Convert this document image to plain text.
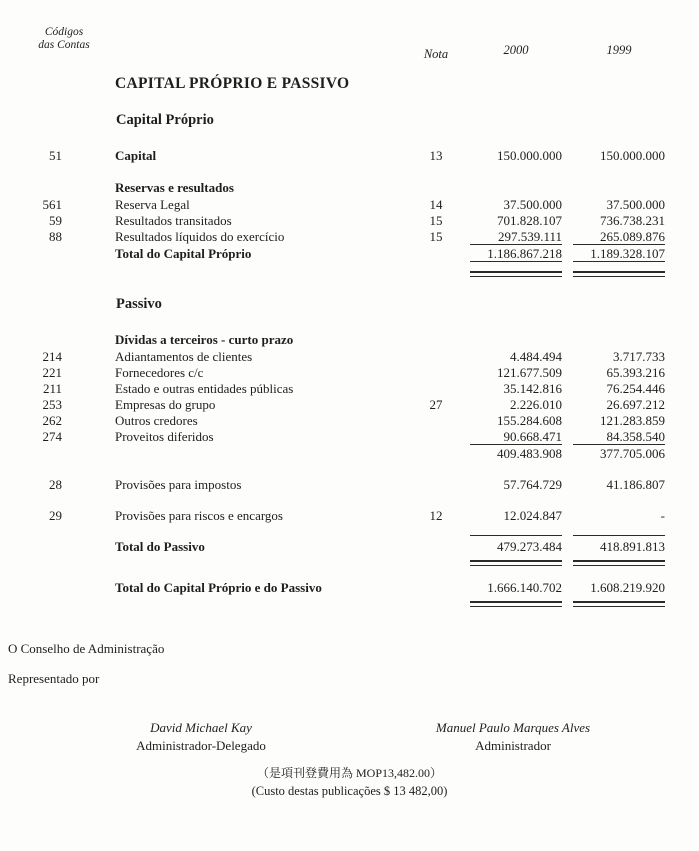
Códigos
das Contas
Nota	2000	1999
CAPITAL PRÓPRIO E PASSIVO
Capital Próprio
51	Capital	13	150.000.000	150.000.000
Reservas e resultados
561	Reserva Legal	14	37.500.000	37.500.000
59	Resultados transitados	15	701.828.107	736.738.231
88	Resultados líquidos do exercício	15	297.539.111	265.089.876
Total do Capital Próprio	1.186.867.218	1.189.328.107
Passivo
Dívidas a terceiros - curto prazo
214	Adiantamentos de clientes	4.484.494	3.717.733
221	Fornecedores c/c	121.677.509	65.393.216
211	Estado e outras entidades públicas	35.142.816	76.254.446
253	Empresas do grupo	27	2.226.010	26.697.212
262	Outros credores	155.284.608	121.283.859
274	Proveitos diferidos	90.668.471	84.358.540
409.483.908	377.705.006
28	Provisões para impostos	57.764.729	41.186.807
29	Provisões para riscos e encargos	12	12.024.847	-
Total do Passivo	479.273.484	418.891.813
Total do Capital Próprio e do Passivo	1.666.140.702	1.608.219.920
O Conselho de Administração
Representado por
David Michael Kay
Administrador-Delegado
Manuel Paulo Marques Alves
Administrador
（是項刊登費用為 MOP13,482.00）
(Custo destas publicações $ 13 482,00)
